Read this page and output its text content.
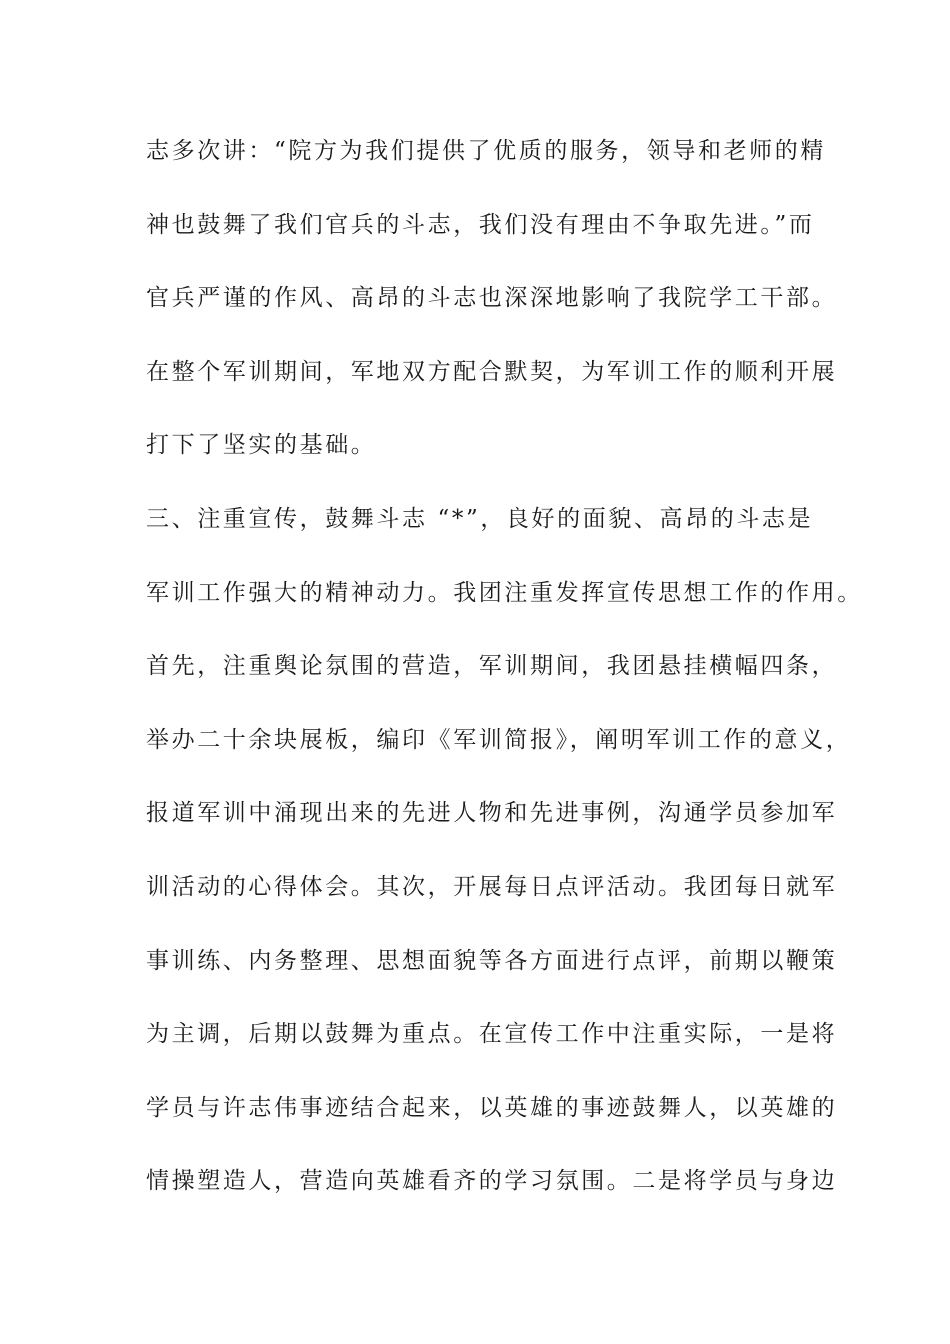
志多次讲：“院方为我们提供了优质的服务，领导和老师的精
神也鼓舞了我们官兵的斗志，我们没有理由不争取先进。”而
官兵严谨的作风、高昂的斗志也深深地影响了我院学工干部。
在整个军训期间，军地双方配合默契，为军训工作的顺利开展
打下了坚实的基础。
三、注重宣传，鼓舞斗志 “*”，良好的面貌、高昂的斗志是
军训工作强大的精神动力。我团注重发挥宣传思想工作的作用。
首先，注重舆论氛围的营造，军训期间，我团悬挂横幅四条，
举办二十余块展板，编印《军训简报》，阐明军训工作的意义，
报道军训中涌现出来的先进人物和先进事例，沟通学员参加军
训活动的心得体会。其次，开展每日点评活动。我团每日就军
事训练、内务整理、思想面貌等各方面进行点评，前期以鞭策
为主调，后期以鼓舞为重点。在宣传工作中注重实际，一是将
学员与许志伟事迹结合起来，以英雄的事迹鼓舞人，以英雄的
情操塑造人，营造向英雄看齐的学习氛围。二是将学员与身边
